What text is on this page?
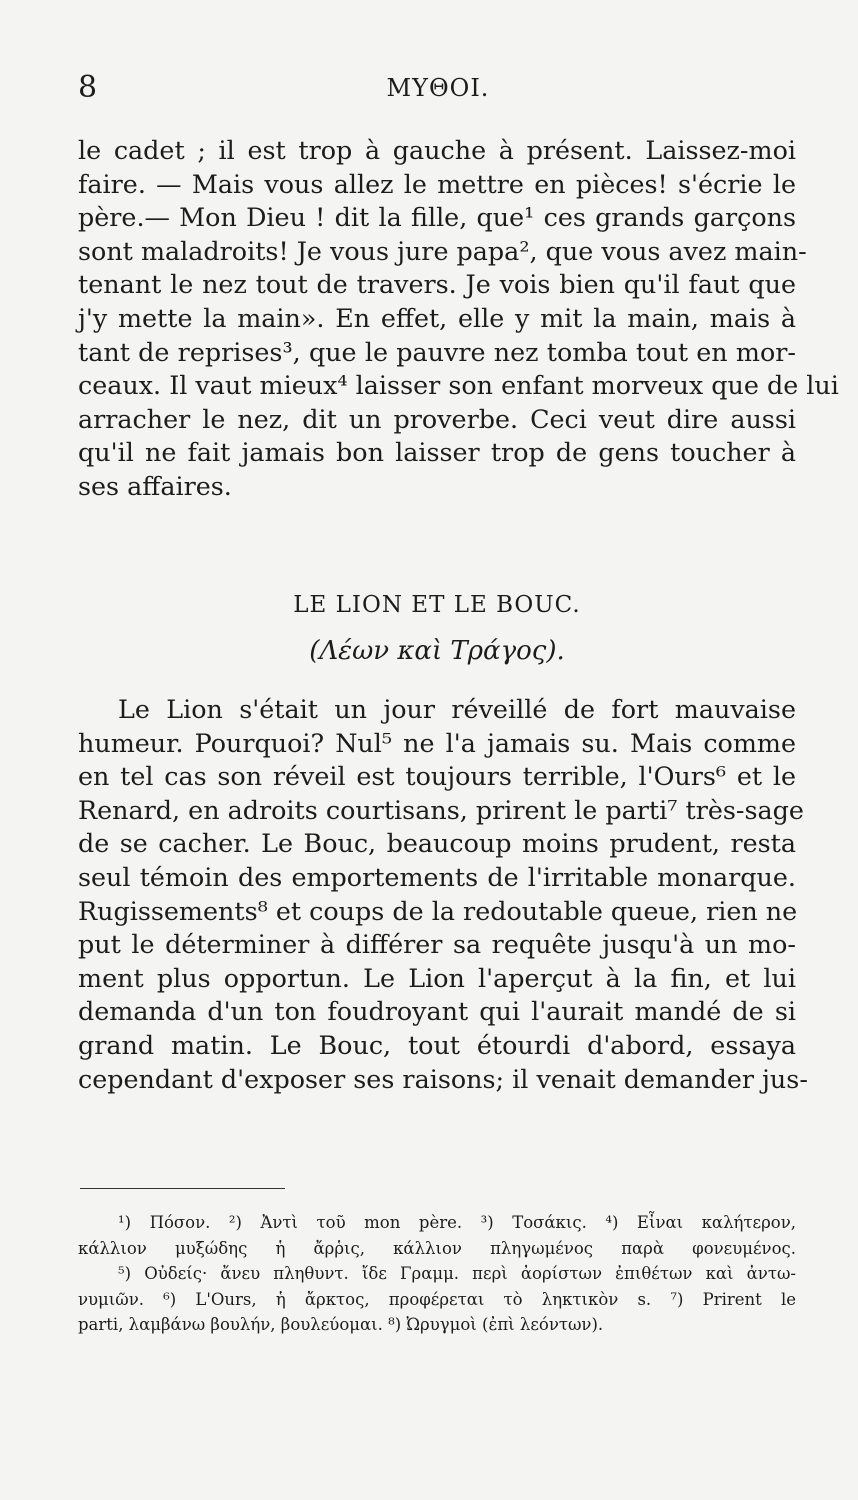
8	ΜΥΘΟΙ.
le cadet ; il est trop à gauche à présent. Laissez-moi
faire. — Mais vous allez le mettre en pièces! s'écrie le
père.— Mon Dieu ! dit la fille, que¹ ces grands garçons
sont maladroits! Je vous jure papa², que vous avez main-
tenant le nez tout de travers. Je vois bien qu'il faut que
j'y mette la main». En effet, elle y mit la main, mais à
tant de reprises³, que le pauvre nez tomba tout en mor-
ceaux. Il vaut mieux⁴ laisser son enfant morveux que de lui
arracher le nez, dit un proverbe. Ceci veut dire aussi
qu'il ne fait jamais bon laisser trop de gens toucher à
ses affaires.
LE LION ET LE BOUC.
(Λέων καὶ Τράγος).
Le Lion s'était un jour réveillé de fort mauvaise
humeur. Pourquoi? Nul⁵ ne l'a jamais su. Mais comme
en tel cas son réveil est toujours terrible, l'Ours⁶ et le
Renard, en adroits courtisans, prirent le parti⁷ très-sage
de se cacher. Le Bouc, beaucoup moins prudent, resta
seul témoin des emportements de l'irritable monarque.
Rugissements⁸ et coups de la redoutable queue, rien ne
put le déterminer à différer sa requête jusqu'à un mo-
ment plus opportun. Le Lion l'aperçut à la fin, et lui
demanda d'un ton foudroyant qui l'aurait mandé de si
grand matin. Le Bouc, tout étourdi d'abord, essaya
cependant d'exposer ses raisons; il venait demander jus-
¹) Πόσον. ²) Ἀντὶ τοῦ mon père. ³) Τοσάκις. ⁴) Εἶναι καλήτερον,
κάλλιον μυξώδης ἡ ἄρῥις, κάλλιον πληγωμένος παρὰ φονευμένος.
⁵) Οὐδείς· ἄνευ πληθυντ. ἴδε Γραμμ. περὶ ἀορίστων ἐπιθέτων καὶ ἀντω-
νυμιῶν. ⁶) L'Ours, ἡ ἄρκτος, προφέρεται τὸ ληκτικὸν s. ⁷) Prirent le
parti, λαμβάνω βουλήν, βουλεύομαι. ⁸) Ὠρυγμοὶ (ἐπὶ λεόντων).
